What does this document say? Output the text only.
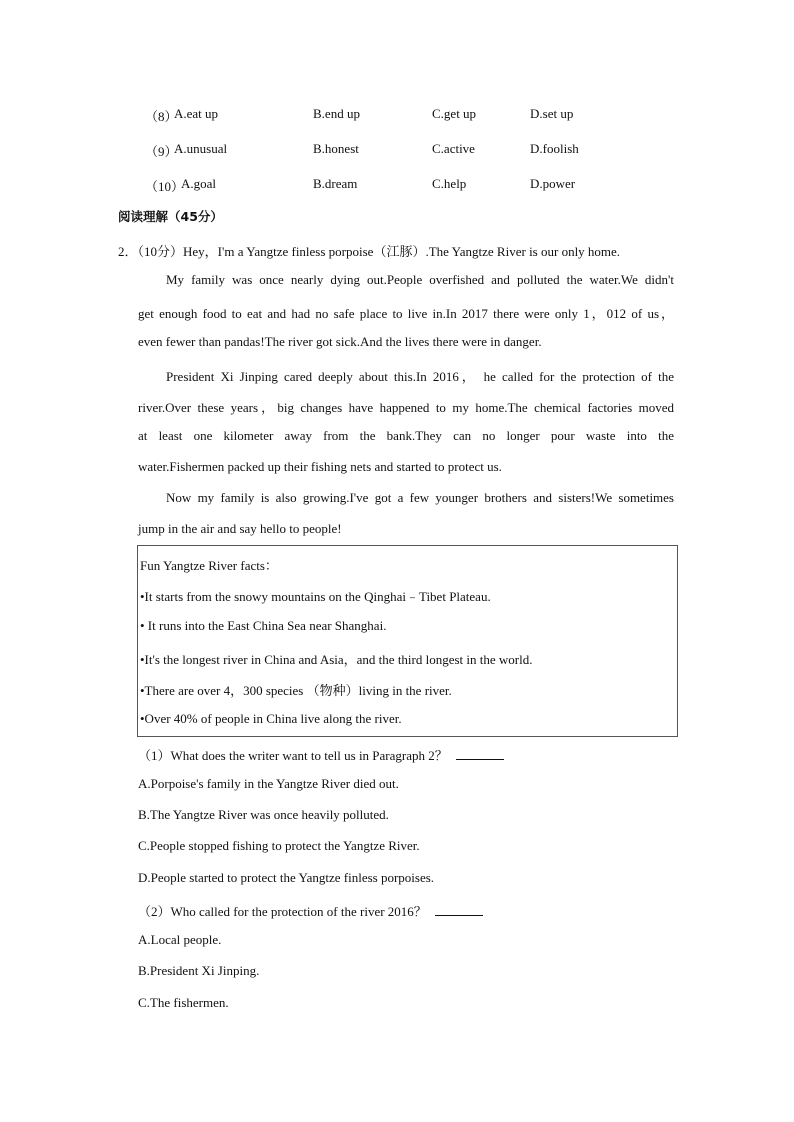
（8）
A.eat up	B.end up	C.get up	D.set up
（9）
A.unusual	B.honest	C.active	D.foolish
（10）
A.goal	B.dream	C.help	D.power
阅读理解（45分）
2．（10分）Hey，I'm a Yangtze finless porpoise（江豚）.The Yangtze River is our only home.
My family was once nearly dying out.People overfished and polluted the water.We didn't
get enough food to eat and had no safe place to live in.In 2017 there were only 1，012 of us，
even fewer than pandas!The river got sick.And the lives there were in danger.
President Xi Jinping cared deeply about this.In 2016， he called for the protection of the
river.Over these years，big changes have happened to my home.The chemical factories moved
at least one kilometer away from the bank.They can no longer pour waste into the
water.Fishermen packed up their fishing nets and started to protect us.
Now my family is also growing.I've got a few younger brothers and sisters!We sometimes
jump in the air and say hello to people!
Fun Yangtze River facts：
•It starts from the snowy mountains on the Qinghai﹣Tibet Plateau.
• It runs into the East China Sea near Shanghai.
•It's the longest river in China and Asia，and the third longest in the world.
•There are over 4，300 species （物种）living in the river.
•Over 40% of people in China live along the river.
（1）What does the writer want to tell us in Paragraph 2？
A.Porpoise's family in the Yangtze River died out.
B.The Yangtze River was once heavily polluted.
C.People stopped fishing to protect the Yangtze River.
D.People started to protect the Yangtze finless porpoises.
（2）Who called for the protection of the river 2016？
A.Local people.
B.President Xi Jinping.
C.The fishermen.
